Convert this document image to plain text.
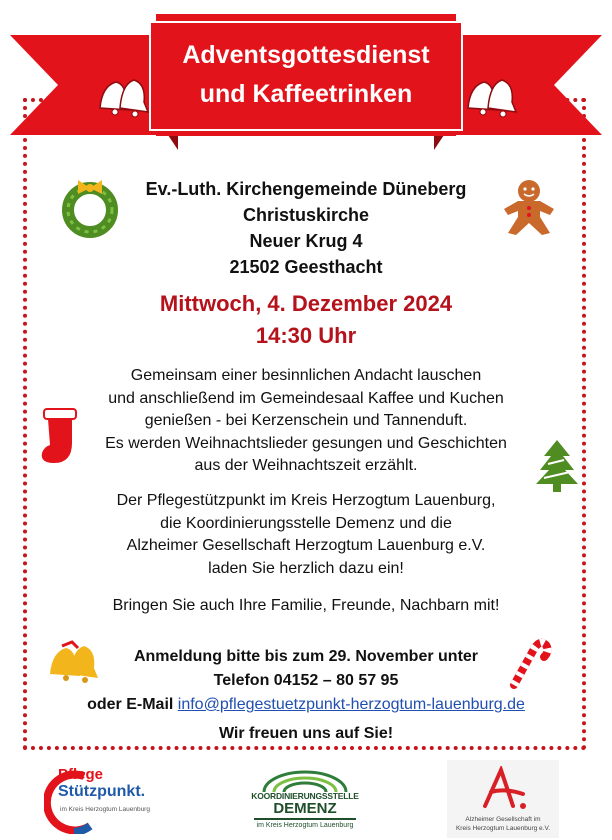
Adventsgottesdienst
und Kaffeetrinken
Ev.-Luth. Kirchengemeinde Düneberg
Christuskirche
Neuer Krug 4
21502 Geesthacht
Mittwoch, 4. Dezember 2024
14:30 Uhr
Gemeinsam einer besinnlichen Andacht lauschen
und anschließend im Gemeindesaal Kaffee und Kuchen
genießen - bei Kerzenschein und Tannenduft.
Es werden Weihnachtslieder gesungen und Geschichten
aus der Weihnachtszeit erzählt.
Der Pflegestützpunkt im Kreis Herzogtum Lauenburg,
die Koordinierungsstelle Demenz und die
Alzheimer Gesellschaft Herzogtum Lauenburg e.V.
laden Sie herzlich dazu ein!
Bringen Sie auch Ihre Familie, Freunde, Nachbarn mit!
Anmeldung bitte bis zum 29. November unter
Telefon 04152 – 80 57 95
oder E-Mail info@pflegestuetzpunkt-herzogtum-lauenburg.de
Wir freuen uns auf Sie!
Pflege
Stützpunkt.
im Kreis Herzogtum Lauenburg
KOORDINIERUNGSSTELLE
DEMENZ
im Kreis Herzogtum Lauenburg
Alzheimer Gesellschaft im
Kreis Herzogtum Lauenburg e.V.
